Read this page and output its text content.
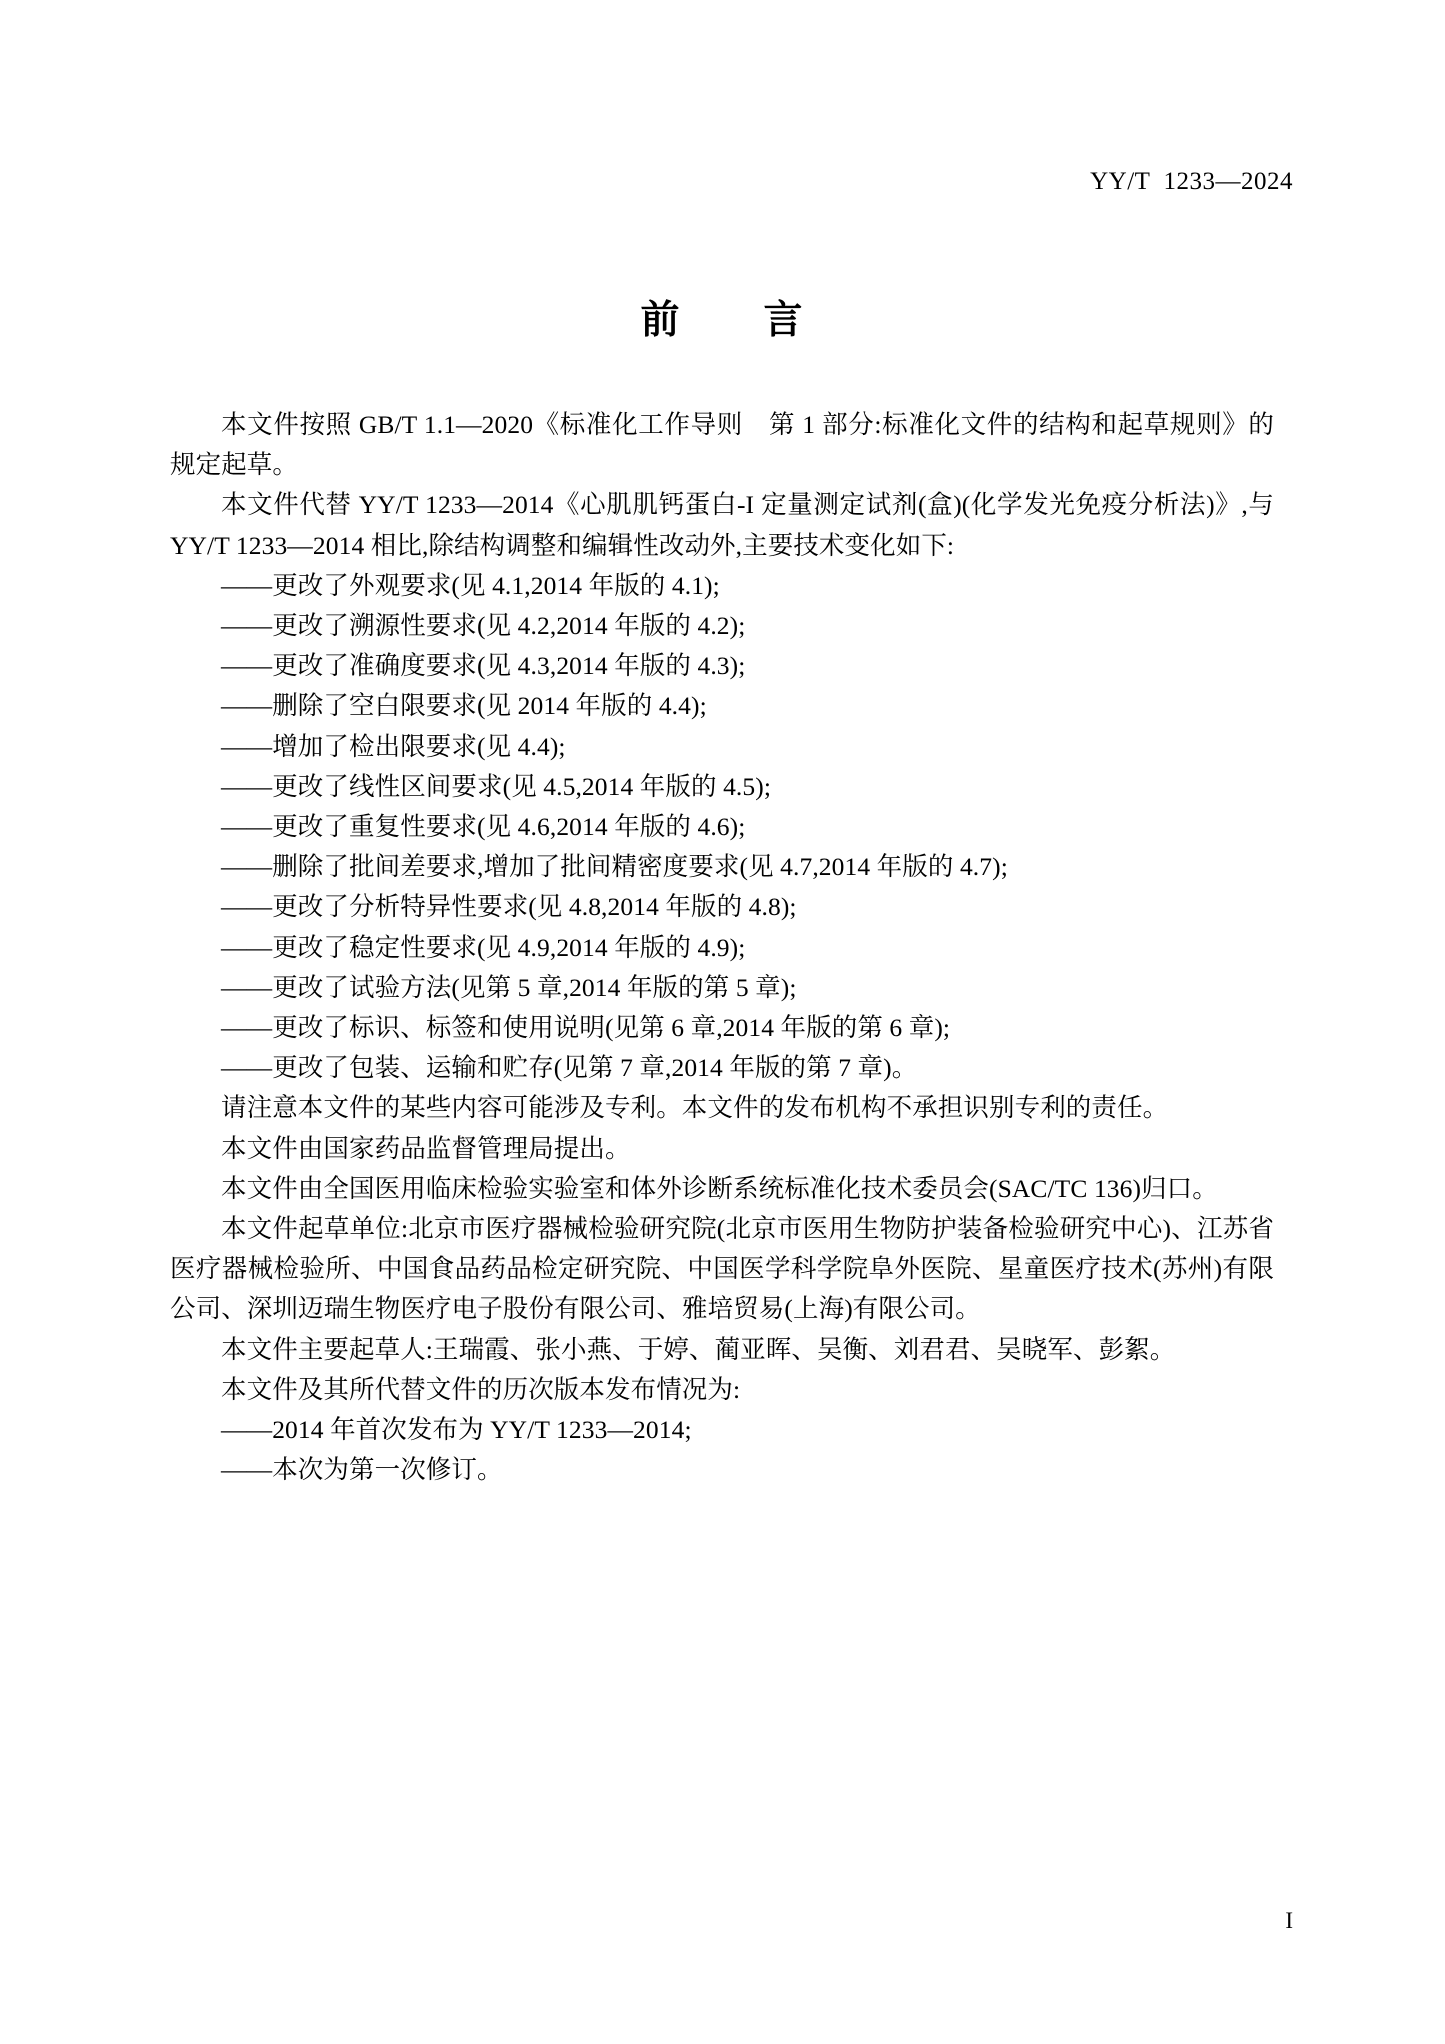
YY/T  1233—2024
前　　言

本文件按照 GB/T 1.1—2020《标准化工作导则　第 1 部分:标准化文件的结构和起草规则》的规定起草。

本文件代替 YY/T 1233—2014《心肌肌钙蛋白-I 定量测定试剂(盒)(化学发光免疫分析法)》,与 YY/T 1233—2014 相比,除结构调整和编辑性改动外,主要技术变化如下:

——更改了外观要求(见 4.1,2014 年版的 4.1);

——更改了溯源性要求(见 4.2,2014 年版的 4.2);

——更改了准确度要求(见 4.3,2014 年版的 4.3);

——删除了空白限要求(见 2014 年版的 4.4);

——增加了检出限要求(见 4.4);

——更改了线性区间要求(见 4.5,2014 年版的 4.5);

——更改了重复性要求(见 4.6,2014 年版的 4.6);

——删除了批间差要求,增加了批间精密度要求(见 4.7,2014 年版的 4.7);

——更改了分析特异性要求(见 4.8,2014 年版的 4.8);

——更改了稳定性要求(见 4.9,2014 年版的 4.9);

——更改了试验方法(见第 5 章,2014 年版的第 5 章);

——更改了标识、标签和使用说明(见第 6 章,2014 年版的第 6 章);

——更改了包装、运输和贮存(见第 7 章,2014 年版的第 7 章)。

请注意本文件的某些内容可能涉及专利。本文件的发布机构不承担识别专利的责任。

本文件由国家药品监督管理局提出。

本文件由全国医用临床检验实验室和体外诊断系统标准化技术委员会(SAC/TC 136)归口。

本文件起草单位:北京市医疗器械检验研究院(北京市医用生物防护装备检验研究中心)、江苏省医疗器械检验所、中国食品药品检定研究院、中国医学科学院阜外医院、星童医疗技术(苏州)有限公司、深圳迈瑞生物医疗电子股份有限公司、雅培贸易(上海)有限公司。

本文件主要起草人:王瑞霞、张小燕、于婷、蔺亚晖、吴衡、刘君君、吴晓军、彭絮。

本文件及其所代替文件的历次版本发布情况为:

——2014 年首次发布为 YY/T 1233—2014;

——本次为第一次修订。

I
